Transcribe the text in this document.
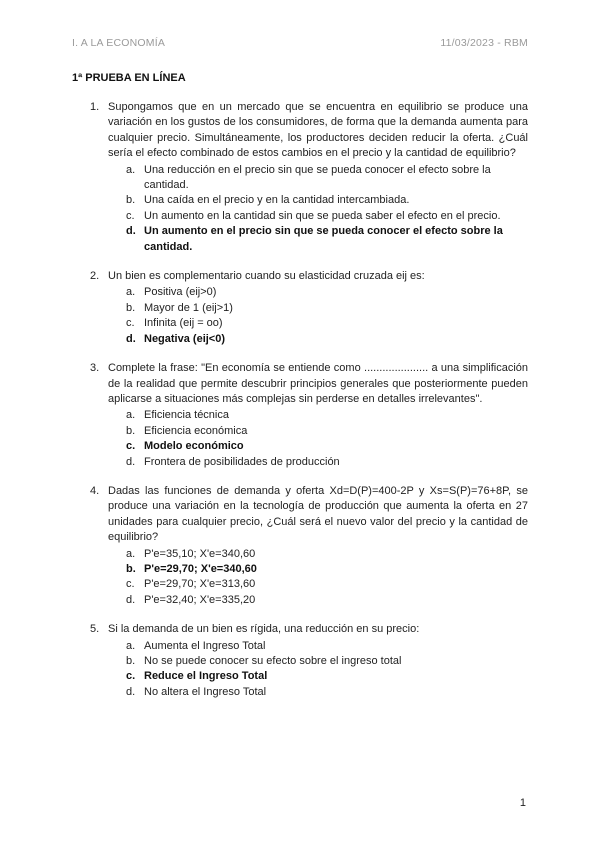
I. A LA ECONOMÍA	11/03/2023 - RBM
1ª PRUEBA EN LÍNEA
1. Supongamos que en un mercado que se encuentra en equilibrio se produce una variación en los gustos de los consumidores, de forma que la demanda aumenta para cualquier precio. Simultáneamente, los productores deciden reducir la oferta. ¿Cuál sería el efecto combinado de estos cambios en el precio y la cantidad de equilibrio?
a. Una reducción en el precio sin que se pueda conocer el efecto sobre la cantidad.
b. Una caída en el precio y en la cantidad intercambiada.
c. Un aumento en la cantidad sin que se pueda saber el efecto en el precio.
d. Un aumento en el precio sin que se pueda conocer el efecto sobre la cantidad.
2. Un bien es complementario cuando su elasticidad cruzada eij es:
a. Positiva (eij>0)
b. Mayor de 1 (eij>1)
c. Infinita (eij = oo)
d. Negativa (eij<0)
3. Complete la frase: "En economía se entiende como ..................... a una simplificación de la realidad que permite descubrir principios generales que posteriormente pueden aplicarse a situaciones más complejas sin perderse en detalles irrelevantes".
a. Eficiencia técnica
b. Eficiencia económica
c. Modelo económico
d. Frontera de posibilidades de producción
4. Dadas las funciones de demanda y oferta Xd=D(P)=400-2P y Xs=S(P)=76+8P, se produce una variación en la tecnología de producción que aumenta la oferta en 27 unidades para cualquier precio, ¿Cuál será el nuevo valor del precio y la cantidad de equilibrio?
a. P'e=35,10; X'e=340,60
b. P'e=29,70; X'e=340,60
c. P'e=29,70; X'e=313,60
d. P'e=32,40; X'e=335,20
5. Si la demanda de un bien es rígida, una reducción en su precio:
a. Aumenta el Ingreso Total
b. No se puede conocer su efecto sobre el ingreso total
c. Reduce el Ingreso Total
d. No altera el Ingreso Total
1
